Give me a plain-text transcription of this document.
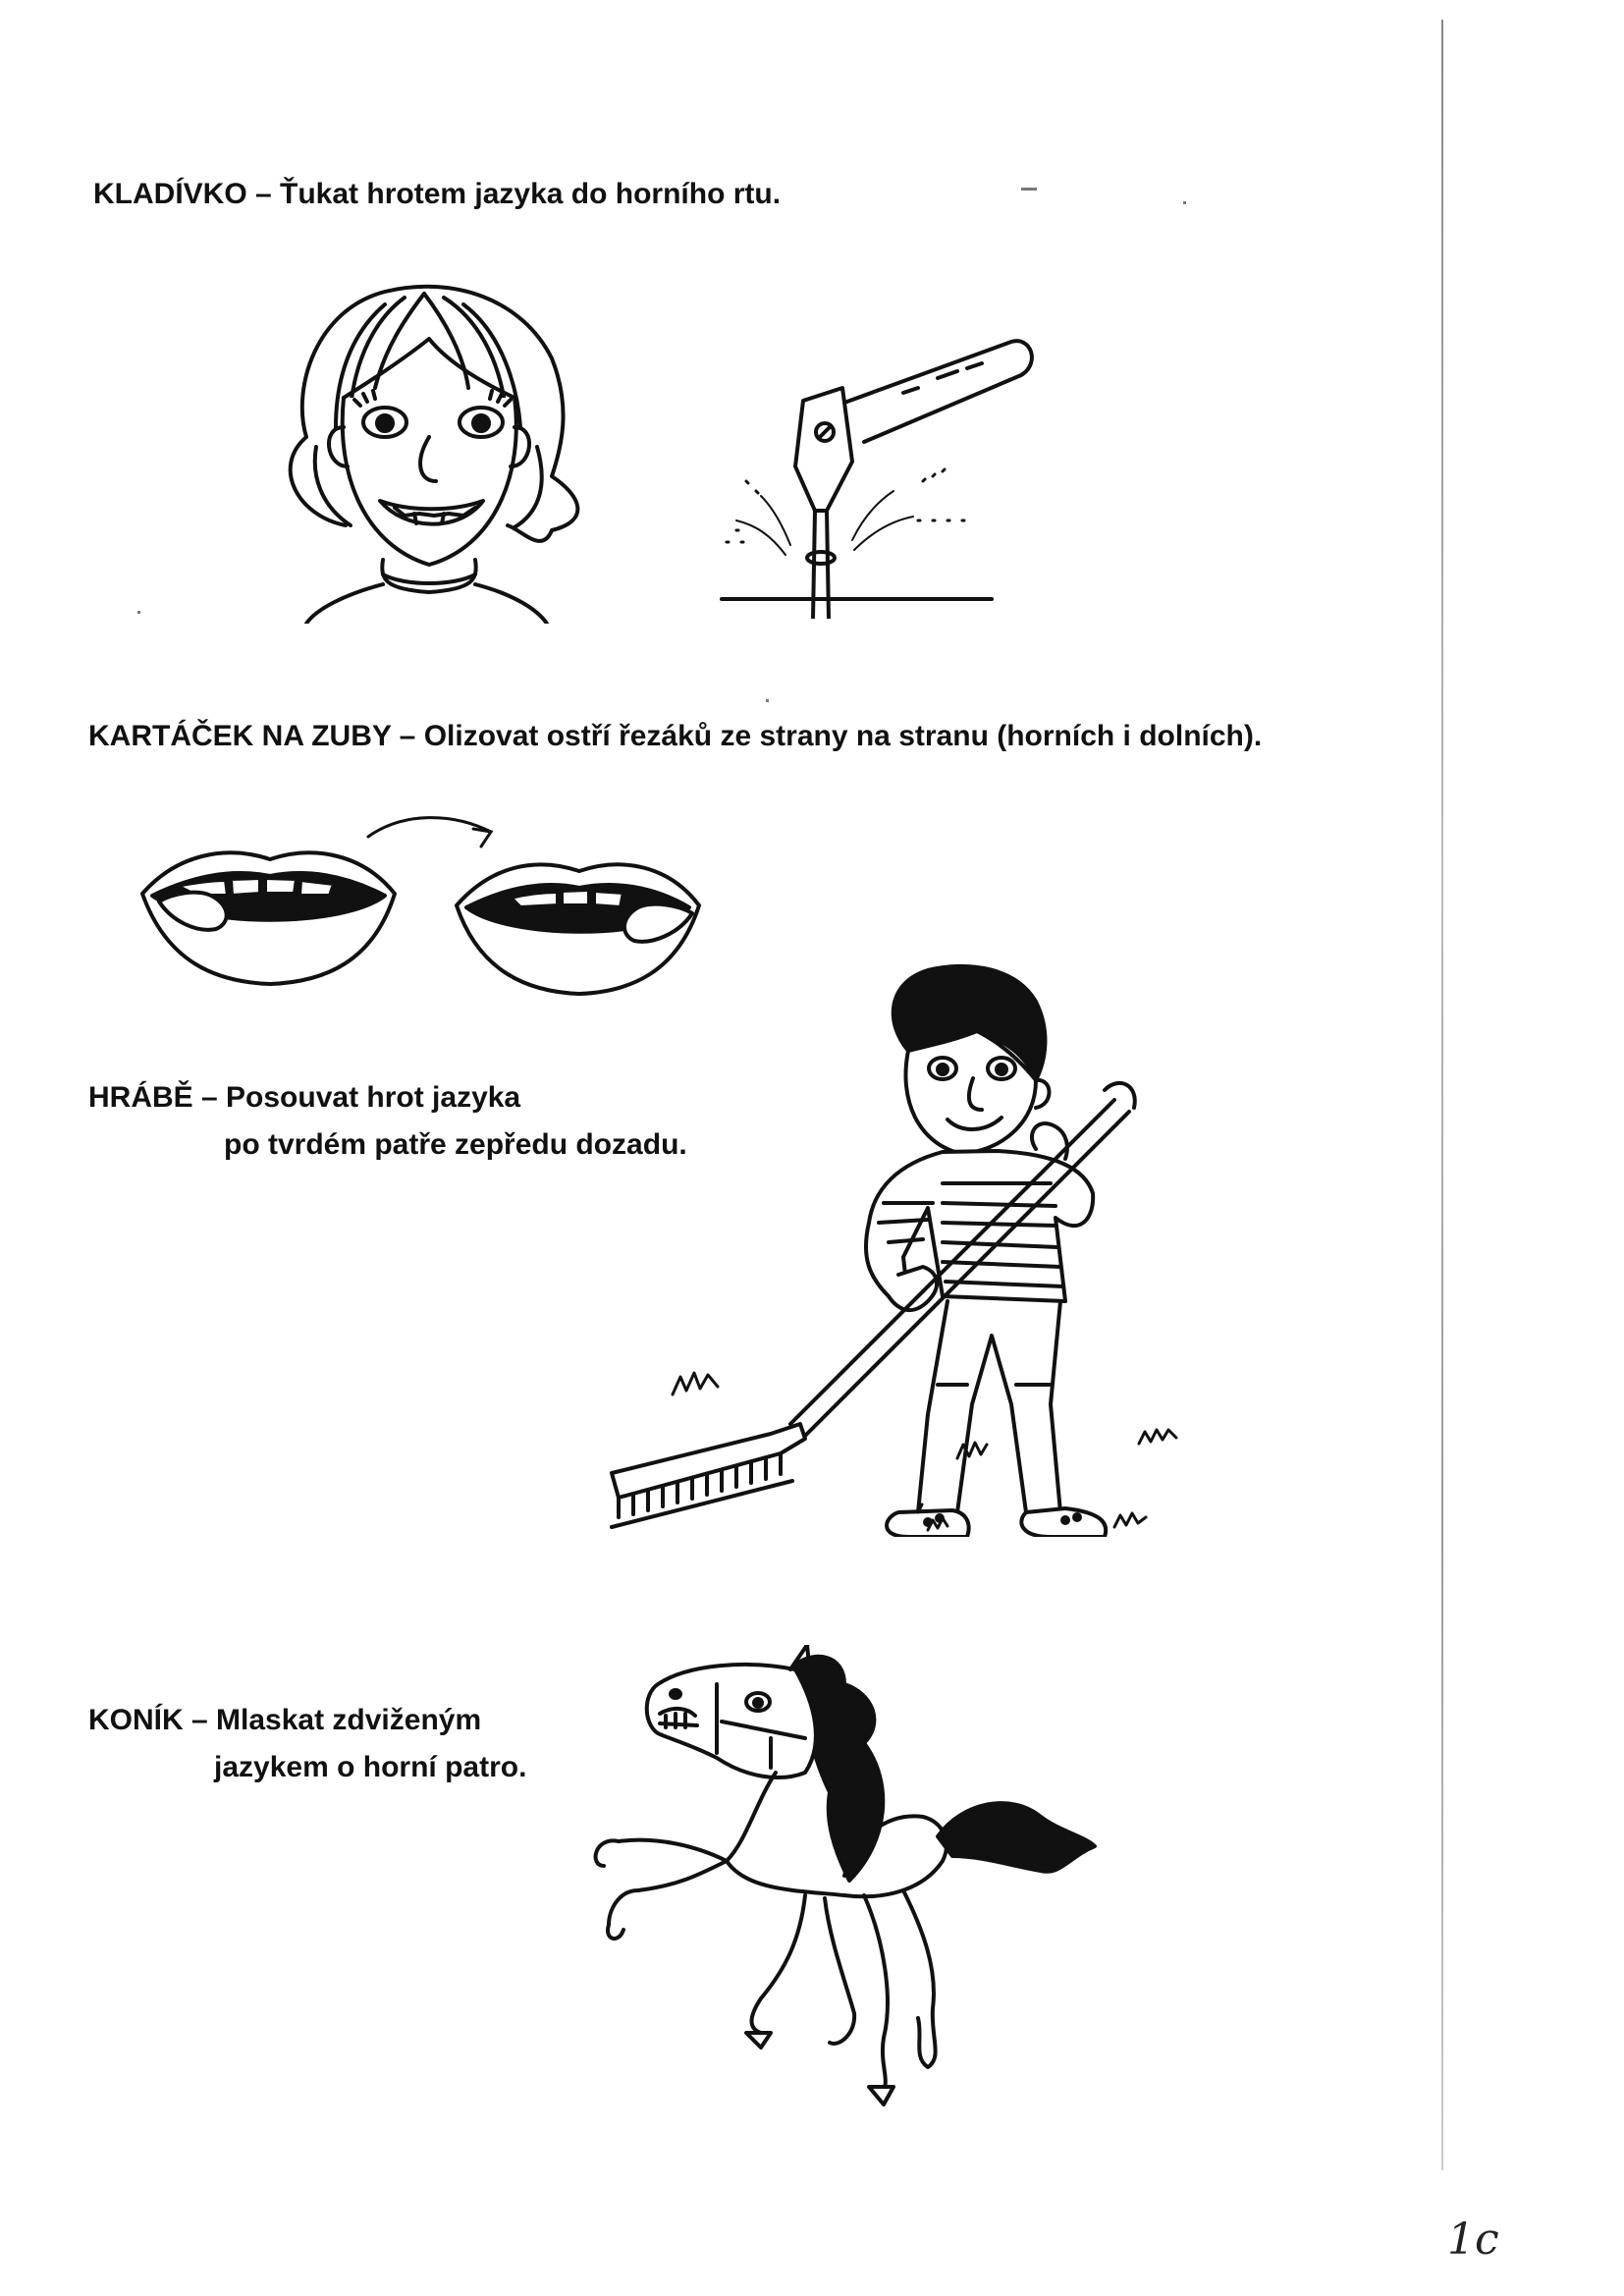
KLADÍVKO – Ťukat hrotem jazyka do horního rtu.
KARTÁČEK NA ZUBY – Olizovat ostří řezáků ze strany na stranu (horních i dolních).
HRÁBĚ – Posouvat hrot jazyka
po tvrdém patře zepředu dozadu.
KONÍK – Mlaskat zdviženým
jazykem o horní patro.
1c
